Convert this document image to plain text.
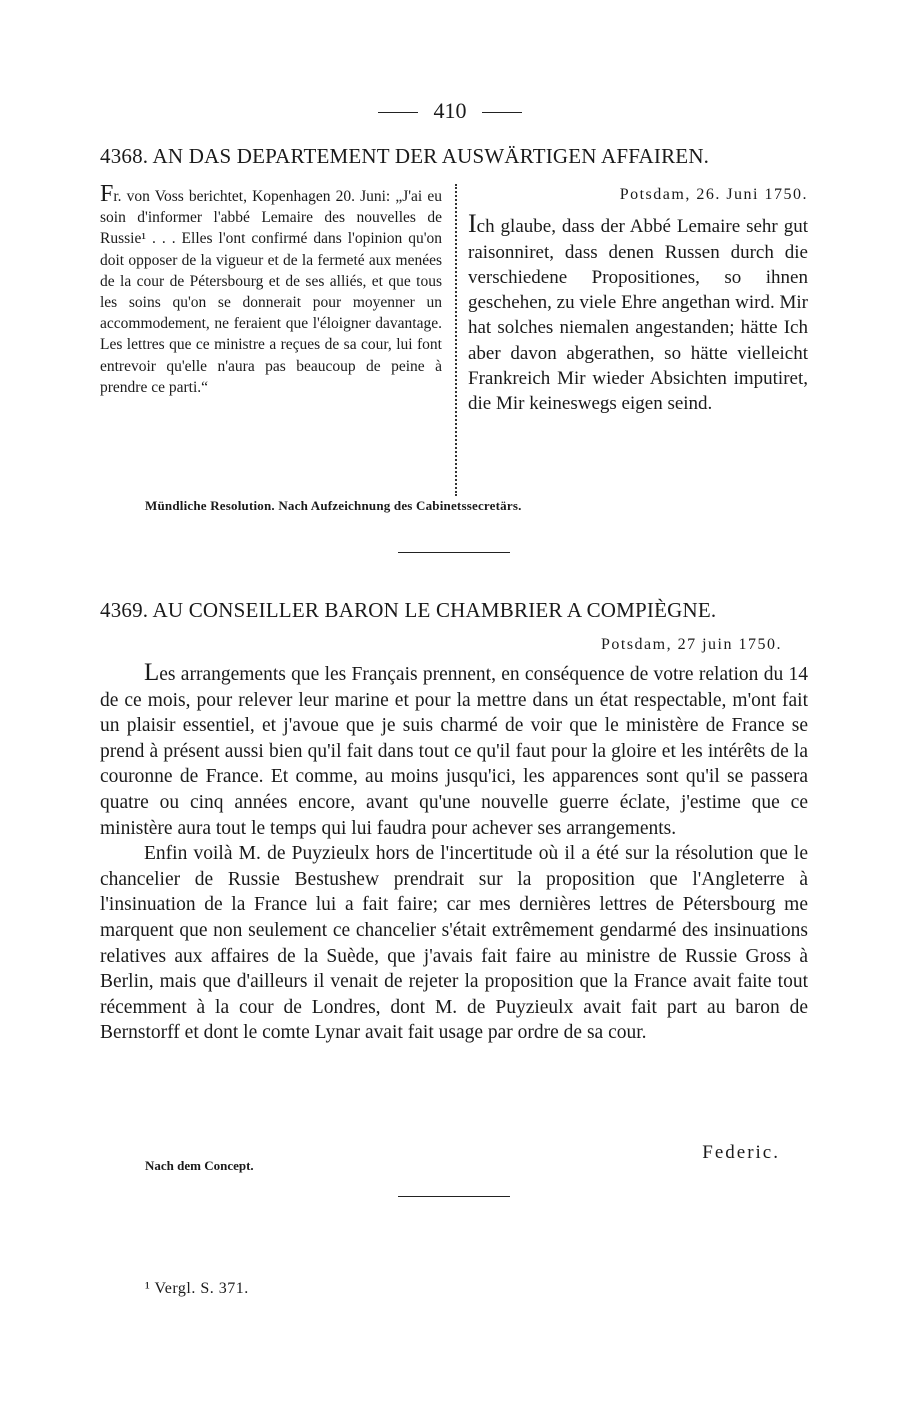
410
4368. AN DAS DEPARTEMENT DER AUSWÄRTIGEN AFFAIREN.
Fr. von Voss berichtet, Kopenhagen 20. Juni: „J'ai eu soin d'informer l'abbé Lemaire des nouvelles de Russie¹ . . . Elles l'ont confirmé dans l'opinion qu'on doit opposer de la vigueur et de la fermeté aux menées de la cour de Pétersbourg et de ses alliés, et que tous les soins qu'on se donnerait pour moyenner un accommodement, ne feraient que l'éloigner davantage. Les lettres que ce ministre a reçues de sa cour, lui font entrevoir qu'elle n'aura pas beaucoup de peine à prendre ce parti.“
Potsdam, 26. Juni 1750.
Ich glaube, dass der Abbé Lemaire sehr gut raisonniret, dass denen Russen durch die verschiedene Propositiones, so ihnen geschehen, zu viele Ehre angethan wird. Mir hat solches niemalen angestanden; hätte Ich aber davon abgerathen, so hätte vielleicht Frankreich Mir wieder Absichten imputiret, die Mir keineswegs eigen seind.
Mündliche Resolution. Nach Aufzeichnung des Cabinetssecretärs.
4369. AU CONSEILLER BARON LE CHAMBRIER A COMPIÈGNE.
Potsdam, 27 juin 1750.

Les arrangements que les Français prennent, en conséquence de votre relation du 14 de ce mois, pour relever leur marine et pour la mettre dans un état respectable, m'ont fait un plaisir essentiel, et j'avoue que je suis charmé de voir que le ministère de France se prend à présent aussi bien qu'il fait dans tout ce qu'il faut pour la gloire et les intérêts de la couronne de France. Et comme, au moins jusqu'ici, les apparences sont qu'il se passera quatre ou cinq années encore, avant qu'une nouvelle guerre éclate, j'estime que ce ministère aura tout le temps qui lui faudra pour achever ses arrangements.

Enfin voilà M. de Puyzieulx hors de l'incertitude où il a été sur la résolution que le chancelier de Russie Bestushew prendrait sur la proposition que l'Angleterre à l'insinuation de la France lui a fait faire; car mes dernières lettres de Pétersbourg me marquent que non seulement ce chancelier s'était extrêmement gendarmé des insinuations relatives aux affaires de la Suède, que j'avais fait faire au ministre de Russie Gross à Berlin, mais que d'ailleurs il venait de rejeter la proposition que la France avait faite tout récemment à la cour de Londres, dont M. de Puyzieulx avait fait part au baron de Bernstorff et dont le comte Lynar avait fait usage par ordre de sa cour.

Federic.
Nach dem Concept.
¹ Vergl. S. 371.
